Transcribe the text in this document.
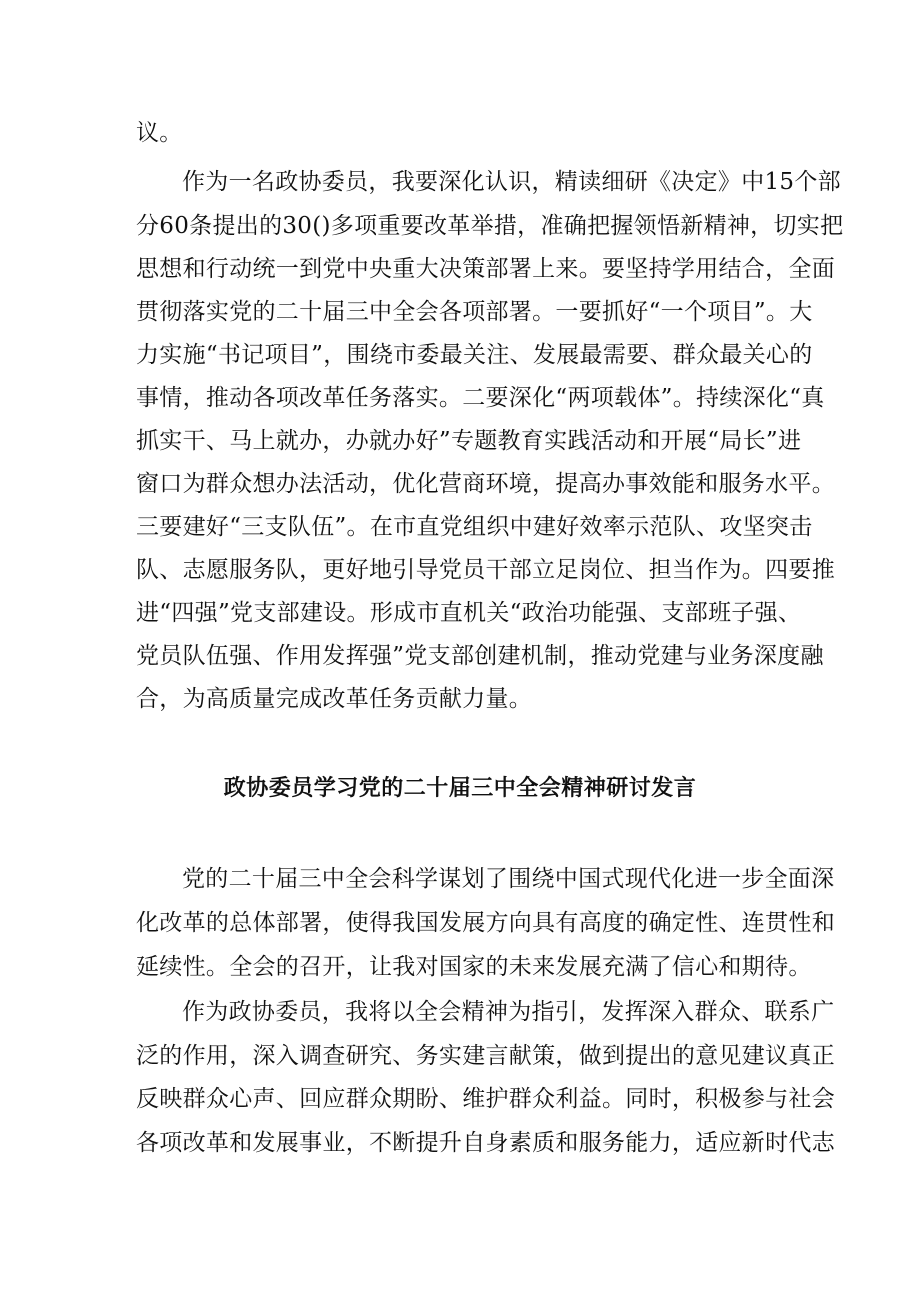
议。
作为一名政协委员，我要深化认识，精读细研《决定》中15个部
分60条提出的30()多项重要改革举措，准确把握领悟新精神，切实把
思想和行动统一到党中央重大决策部署上来。要坚持学用结合，全面
贯彻落实党的二十届三中全会各项部署。一要抓好“一个项目”。大
力实施“书记项目”，围绕市委最关注、发展最需要、群众最关心的
事情，推动各项改革任务落实。二要深化“两项载体”。持续深化“真
抓实干、马上就办，办就办好”专题教育实践活动和开展“局长”进
窗口为群众想办法活动，优化营商环境，提高办事效能和服务水平。
三要建好“三支队伍”。在市直党组织中建好效率示范队、攻坚突击
队、志愿服务队，更好地引导党员干部立足岗位、担当作为。四要推
进“四强”党支部建设。形成市直机关“政治功能强、支部班子强、
党员队伍强、作用发挥强”党支部创建机制，推动党建与业务深度融
合，为高质量完成改革任务贡献力量。
政协委员学习党的二十届三中全会精神研讨发言
党的二十届三中全会科学谋划了围绕中国式现代化进一步全面深
化改革的总体部署，使得我国发展方向具有高度的确定性、连贯性和
延续性。全会的召开，让我对国家的未来发展充满了信心和期待。
作为政协委员，我将以全会精神为指引，发挥深入群众、联系广
泛的作用，深入调查研究、务实建言献策，做到提出的意见建议真正
反映群众心声、回应群众期盼、维护群众利益。同时，积极参与社会
各项改革和发展事业，不断提升自身素质和服务能力，适应新时代志
